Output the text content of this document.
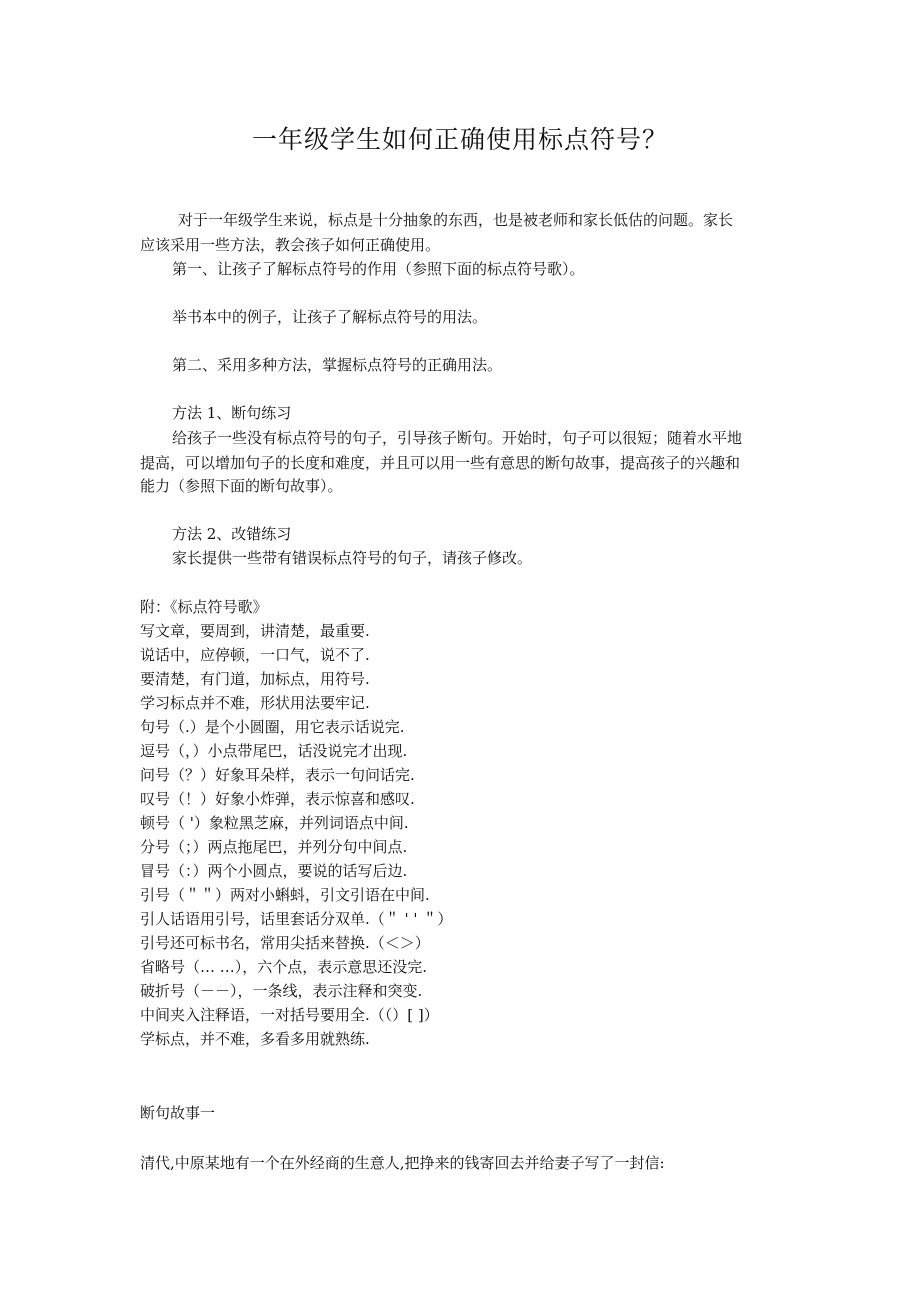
一年级学生如何正确使用标点符号？
对于一年级学生来说，标点是十分抽象的东西，也是被老师和家长低估的问题。家长
应该采用一些方法，教会孩子如何正确使用。
第一、让孩子了解标点符号的作用（参照下面的标点符号歌）。
举书本中的例子，让孩子了解标点符号的用法。
第二、采用多种方法，掌握标点符号的正确用法。
方法 1、断句练习
给孩子一些没有标点符号的句子，引导孩子断句。开始时，句子可以很短；随着水平地
提高，可以增加句子的长度和难度，并且可以用一些有意思的断句故事，提高孩子的兴趣和
能力（参照下面的断句故事）。
方法 2、改错练习
家长提供一些带有错误标点符号的句子，请孩子修改。
附：《标点符号歌》
写文章，要周到，讲清楚，最重要.
说话中，应停顿，一口气，说不了.
要清楚，有门道，加标点，用符号.
学习标点并不难，形状用法要牢记.
句号（.）是个小圆圈，用它表示话说完.
逗号（，）小点带尾巴，话没说完才出现.
问号（？）好象耳朵样，表示一句问话完.
叹号（！）好象小炸弹，表示惊喜和感叹.
顿号（ '）象粒黑芝麻，并列词语点中间.
分号（；）两点拖尾巴，并列分句中间点.
冒号（：）两个小圆点，要说的话写后边.
引号（＂＂）两对小蝌蚪，引文引语在中间.
引人话语用引号，话里套话分双单.（＂ ' ' ＂）
引号还可标书名，常用尖括来替换.（＜＞）
省略号（… …），六个点，表示意思还没完.
破折号（－－），一条线，表示注释和突变.
中间夹入注释语，一对括号要用全.（（）[ ]）
学标点，并不难，多看多用就熟练.
断句故事一
清代,中原某地有一个在外经商的生意人,把挣来的钱寄回去并给妻子写了一封信:
